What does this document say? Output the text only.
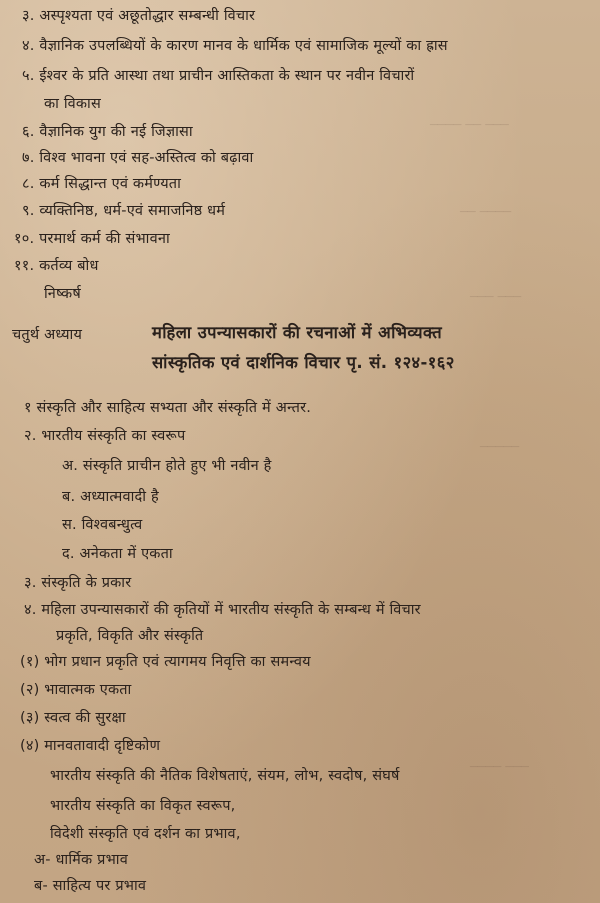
─── ── ────
──── ──
─── ───
─────
─── ────
३. अस्पृश्यता एवं अछूतोद्धार सम्बन्धी विचार
४. वैज्ञानिक उपलब्धियों के कारण मानव के धार्मिक एवं सामाजिक मूल्यों का ह्रास
५. ईश्वर के प्रति आस्था तथा प्राचीन आस्तिकता के स्थान पर नवीन विचारों
का विकास
६. वैज्ञानिक युग की नई जिज्ञासा
७. विश्व भावना एवं सह-अस्तित्व को बढ़ावा
८. कर्म सिद्धान्त एवं कर्मण्यता
९. व्यक्तिनिष्ठ, धर्म-एवं समाजनिष्ठ धर्म
१०. परमार्थ कर्म की संभावना
११. कर्तव्य बोध
निष्कर्ष
चतुर्थ अध्याय	महिला उपन्यासकारों की रचनाओं में अभिव्यक्त
सांस्कृतिक एवं दार्शनिक विचार पृ. सं. १२४-१६२
१ संस्कृति और साहित्य सभ्यता और संस्कृति में अन्तर.
२. भारतीय संस्कृति का स्वरूप
अ. संस्कृति प्राचीन होते हुए भी नवीन है
ब. अध्यात्मवादी है
स. विश्वबन्धुत्व
द. अनेकता में एकता
३. संस्कृति के प्रकार
४. महिला उपन्यासकारों की कृतियों में भारतीय संस्कृति के सम्बन्ध में विचार
प्रकृति, विकृति और संस्कृति
(१) भोग प्रधान प्रकृति एवं त्यागमय निवृत्ति का समन्वय
(२) भावात्मक एकता
(३) स्वत्व की सुरक्षा
(४) मानवतावादी दृष्टिकोण
भारतीय संस्कृति की नैतिक विशेषताएं, संयम, लोभ, स्वदोष, संघर्ष
भारतीय संस्कृति का विकृत स्वरूप,
विदेशी संस्कृति एवं दर्शन का प्रभाव,
अ- धार्मिक प्रभाव
ब- साहित्य पर प्रभाव
